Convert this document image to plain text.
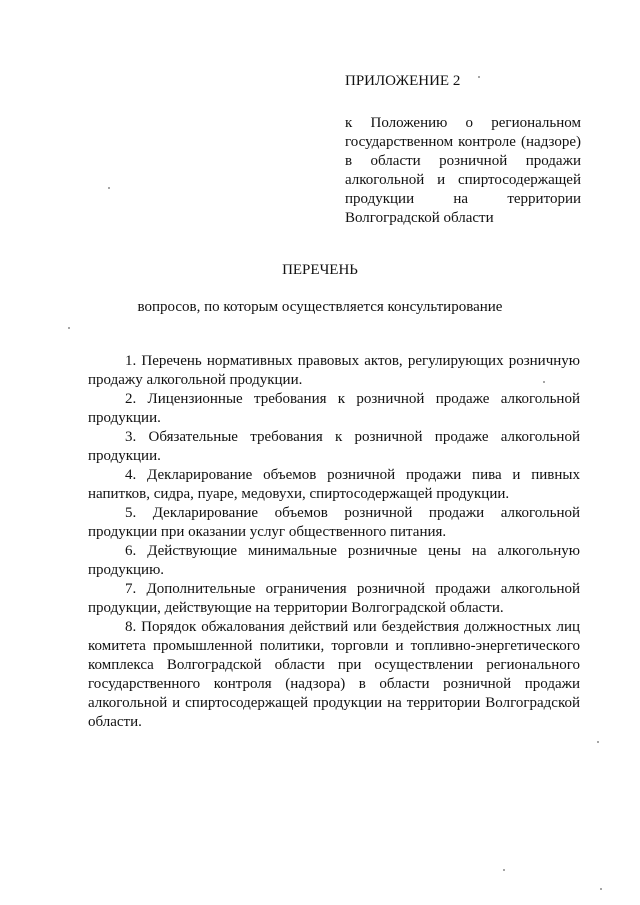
ПРИЛОЖЕНИЕ 2

к Положению о региональном государственном контроле (надзоре) в области розничной продажи алкогольной и спиртосодержащей продукции на территории Волгоградской области

ПЕРЕЧЕНЬ

вопросов, по которым осуществляется консультирование

1. Перечень нормативных правовых актов, регулирующих розничную продажу алкогольной продукции.
2. Лицензионные требования к розничной продаже алкогольной продукции.
3. Обязательные требования к розничной продаже алкогольной продукции.
4. Декларирование объемов розничной продажи пива и пивных напитков, сидра, пуаре, медовухи, спиртосодержащей продукции.
5. Декларирование объемов розничной продажи алкогольной продукции при оказании услуг общественного питания.
6. Действующие минимальные розничные цены на алкогольную продукцию.
7. Дополнительные ограничения розничной продажи алкогольной продукции, действующие на территории Волгоградской области.
8. Порядок обжалования действий или бездействия должностных лиц комитета промышленной политики, торговли и топливно-энергетического комплекса Волгоградской области при осуществлении регионального государственного контроля (надзора) в области розничной продажи алкогольной и спиртосодержащей продукции на территории Волгоградской области.
